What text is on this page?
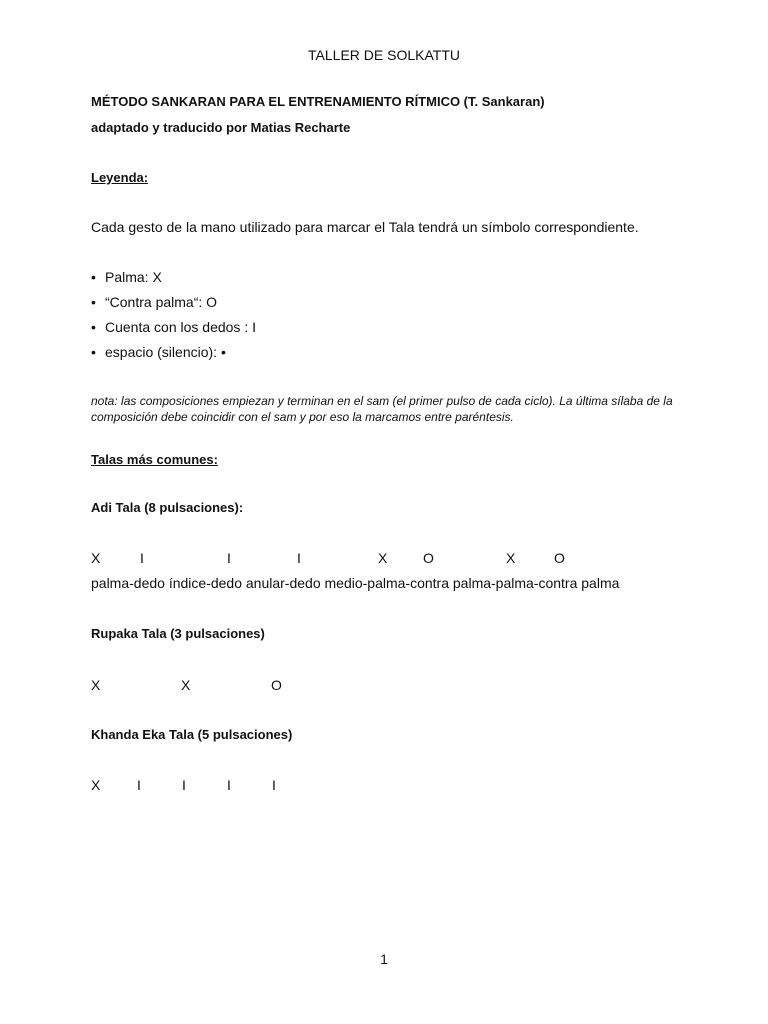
TALLER DE SOLKATTU
MÉTODO SANKARAN PARA EL ENTRENAMIENTO RÍTMICO (T. Sankaran)
adaptado y traducido por Matias Recharte
Leyenda:
Cada gesto de la mano utilizado para marcar el Tala tendrá un símbolo correspondiente.
• Palma: X
• “Contra palma“: O
• Cuenta con los dedos : I
• espacio (silencio): •
nota: las composiciones empiezan y terminan en el sam (el primer pulso de cada ciclo). La última sílaba de la composición debe coincidir con el sam y por eso la marcamos entre paréntesis.
Talas más comunes:
Adi Tala (8 pulsaciones):
X	I	I	I	X	O	X	O
palma-dedo índice-dedo anular-dedo medio-palma-contra palma-palma-contra palma
Rupaka Tala (3 pulsaciones)
X	X	O
Khanda Eka Tala (5 pulsaciones)
X	I	I	I	I
1
